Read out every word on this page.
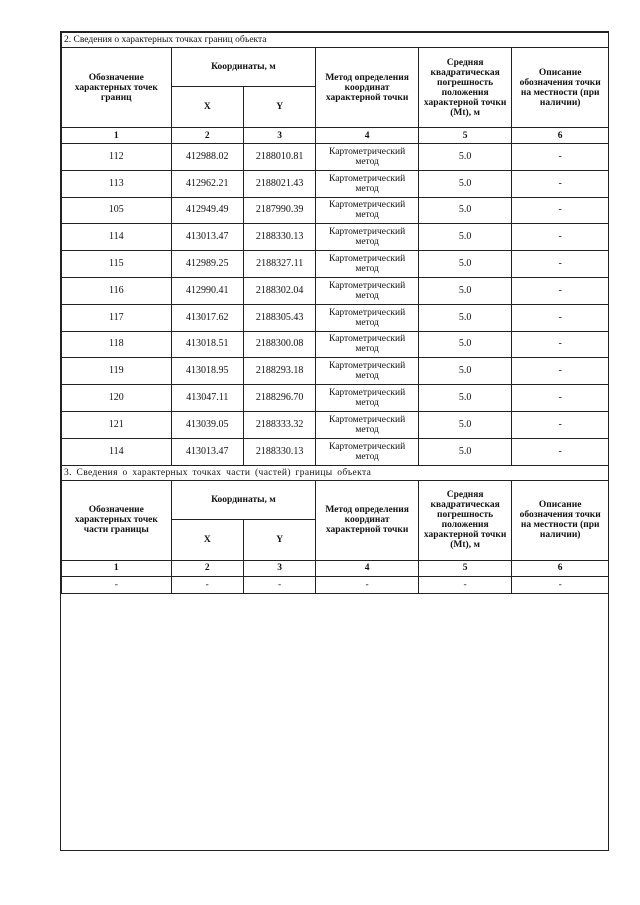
2. Сведения о характерных точках границ объекта					
Обозначение характерных точек границ	Координаты, м		Метод определения координат характерной точки	Средняя квадратическая погрешность положения характерной точки (Mt), м	Описание обозначения точки на местности (при наличии)
	X	Y			
1	2	3	4	5	6
112	412988.02	2188010.81	Картометрический метод	5.0	-
113	412962.21	2188021.43	Картометрический метод	5.0	-
105	412949.49	2187990.39	Картометрический метод	5.0	-
114	413013.47	2188330.13	Картометрический метод	5.0	-
115	412989.25	2188327.11	Картометрический метод	5.0	-
116	412990.41	2188302.04	Картометрический метод	5.0	-
117	413017.62	2188305.43	Картометрический метод	5.0	-
118	413018.51	2188300.08	Картометрический метод	5.0	-
119	413018.95	2188293.18	Картометрический метод	5.0	-
120	413047.11	2188296.70	Картометрический метод	5.0	-
121	413039.05	2188333.32	Картометрический метод	5.0	-
114	413013.47	2188330.13	Картометрический метод	5.0	-
3. Сведения о характерных точках части (частей) границы объекта					
Обозначение характерных точек части границы	Координаты, м		Метод определения координат характерной точки	Средняя квадратическая погрешность положения характерной точки (Mt), м	Описание обозначения точки на местности (при наличии)
	X	Y			
1	2	3	4	5	6
-	-	-	-	-	-
